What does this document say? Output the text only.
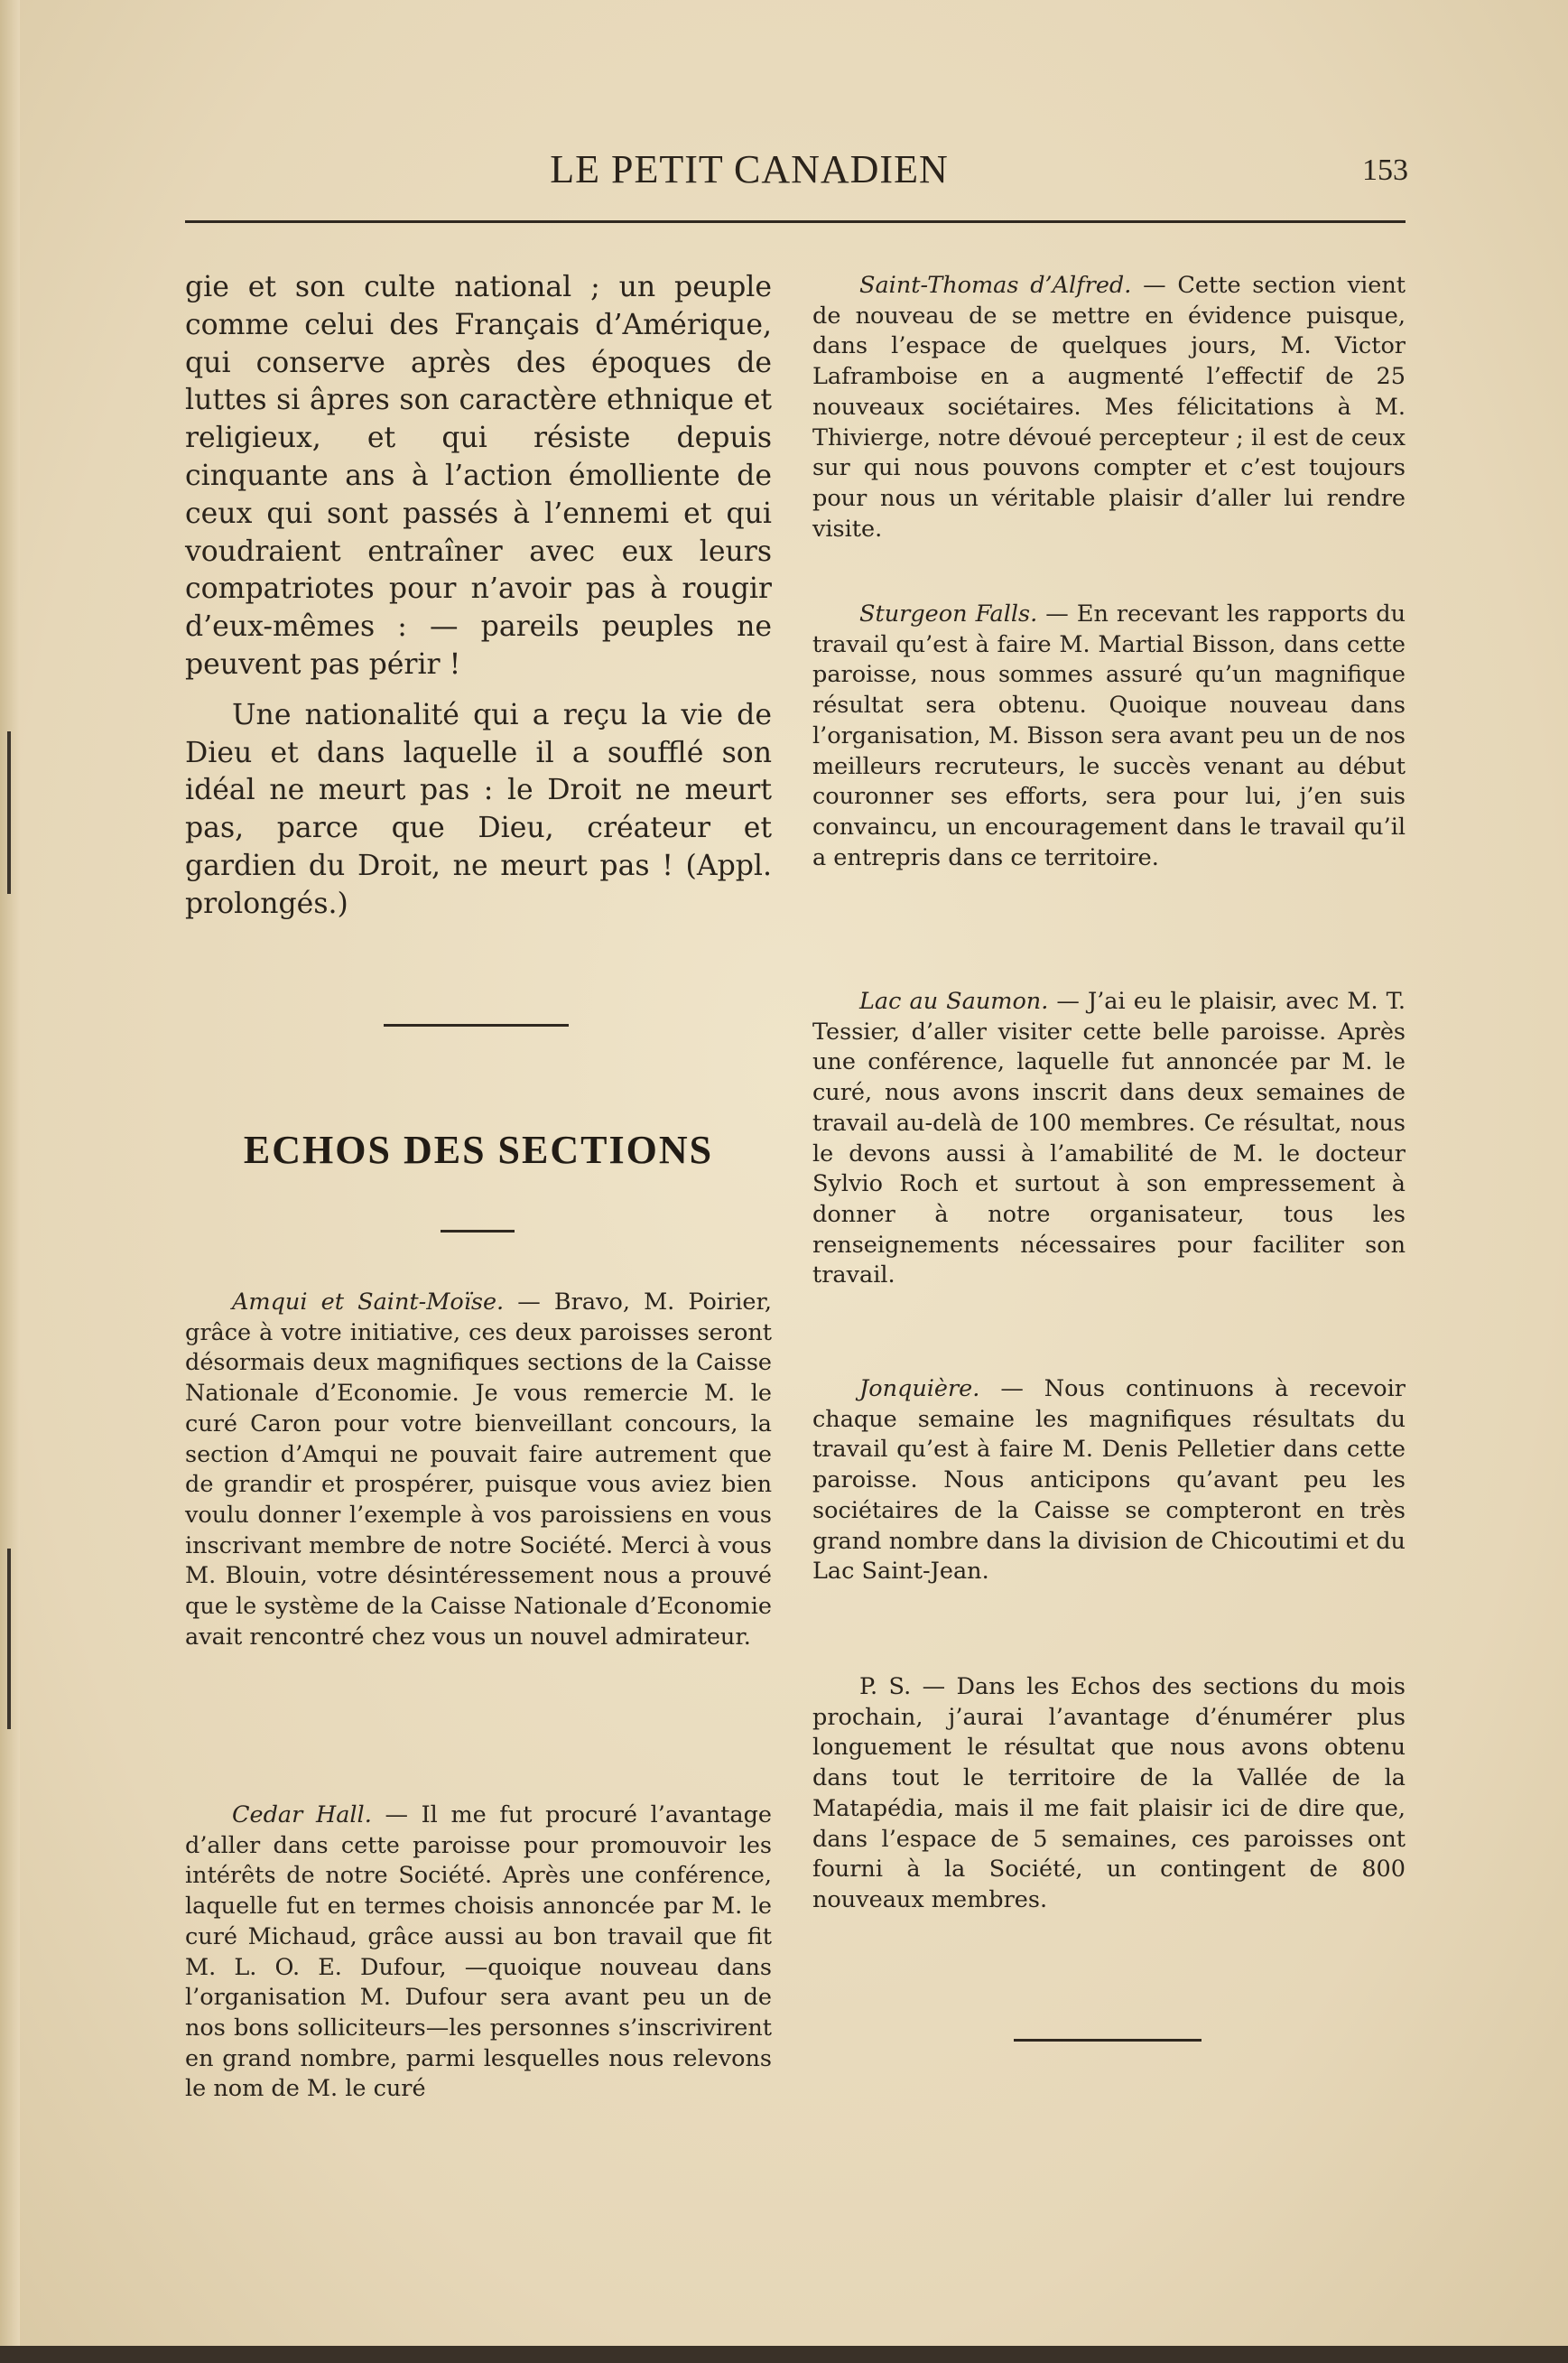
LE PETIT CANADIEN	153

gie et son culte national ; un peuple comme celui des Français d’Amérique, qui conserve après des époques de luttes si âpres son caractère ethnique et religieux, et qui résiste depuis cinquante ans à l’action émolliente de ceux qui sont passés à l’ennemi et qui voudraient entraîner avec eux leurs compatriotes pour n’avoir pas à rougir d’eux-mêmes : — pareils peuples ne peuvent pas périr !

Une nationalité qui a reçu la vie de Dieu et dans laquelle il a soufflé son idéal ne meurt pas : le Droit ne meurt pas, parce que Dieu, créateur et gardien du Droit, ne meurt pas ! (Appl. prolongés.)

ECHOS DES SECTIONS

Amqui et Saint-Moïse. — Bravo, M. Poirier, grâce à votre initiative, ces deux paroisses seront désormais deux magnifiques sections de la Caisse Nationale d’Economie. Je vous remercie M. le curé Caron pour votre bienveillant concours, la section d’Amqui ne pouvait faire autrement que de grandir et prospérer, puisque vous aviez bien voulu donner l’exemple à vos paroissiens en vous inscrivant membre de notre Société. Merci à vous M. Blouin, votre désintéressement nous a prouvé que le système de la Caisse Nationale d’Economie avait rencontré chez vous un nouvel admirateur.

Cedar Hall. — Il me fut procuré l’avantage d’aller dans cette paroisse pour promouvoir les intérêts de notre Société. Après une conférence, laquelle fut en termes choisis annoncée par M. le curé Michaud, grâce aussi au bon travail que fit M. L. O. E. Dufour, —quoique nouveau dans l’organisation M. Dufour sera avant peu un de nos bons solliciteurs—les personnes s’inscrivirent en grand nombre, parmi lesquelles nous relevons le nom de M. le curé

Saint-Thomas d’Alfred. — Cette section vient de nouveau de se mettre en évidence puisque, dans l’espace de quelques jours, M. Victor Laframboise en a augmenté l’effectif de 25 nouveaux sociétaires. Mes félicitations à M. Thivierge, notre dévoué percepteur ; il est de ceux sur qui nous pouvons compter et c’est toujours pour nous un véritable plaisir d’aller lui rendre visite.

Sturgeon Falls. — En recevant les rapports du travail qu’est à faire M. Martial Bisson, dans cette paroisse, nous sommes assuré qu’un magnifique résultat sera obtenu. Quoique nouveau dans l’organisation, M. Bisson sera avant peu un de nos meilleurs recruteurs, le succès venant au début couronner ses efforts, sera pour lui, j’en suis convaincu, un encouragement dans le travail qu’il a entrepris dans ce territoire.

Lac au Saumon. — J’ai eu le plaisir, avec M. T. Tessier, d’aller visiter cette belle paroisse. Après une conférence, laquelle fut annoncée par M. le curé, nous avons inscrit dans deux semaines de travail au-delà de 100 membres. Ce résultat, nous le devons aussi à l’amabilité de M. le docteur Sylvio Roch et surtout à son empressement à donner à notre organisateur, tous les renseignements nécessaires pour faciliter son travail.

Jonquière. — Nous continuons à recevoir chaque semaine les magnifiques résultats du travail qu’est à faire M. Denis Pelletier dans cette paroisse. Nous anticipons qu’avant peu les sociétaires de la Caisse se compteront en très grand nombre dans la division de Chicoutimi et du Lac Saint-Jean.

P. S. — Dans les Echos des sections du mois prochain, j’aurai l’avantage d’énumérer plus longuement le résultat que nous avons obtenu dans tout le territoire de la Vallée de la Matapédia, mais il me fait plaisir ici de dire que, dans l’espace de 5 semaines, ces paroisses ont fourni à la Société, un contingent de 800 nouveaux membres.
